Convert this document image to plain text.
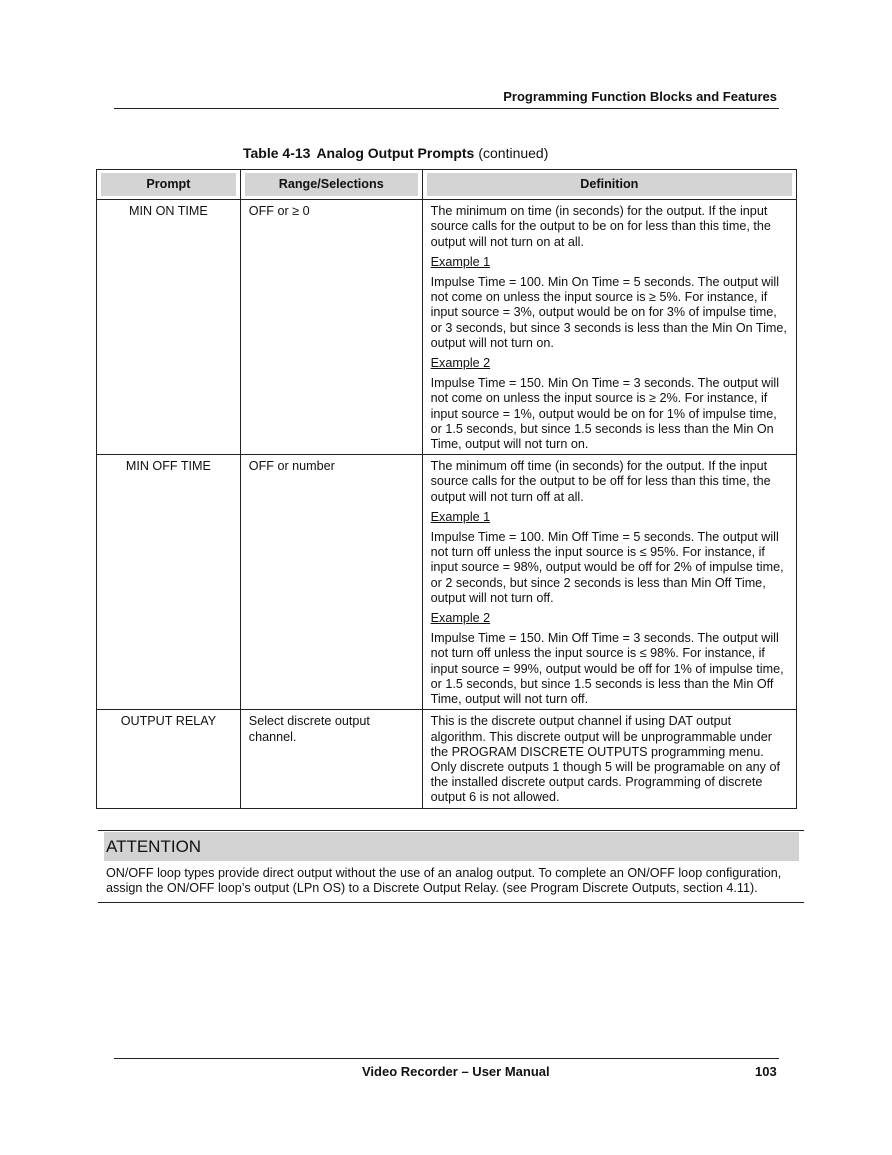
Programming Function Blocks and Features
Table 4-13 Analog Output Prompts (continued)
Prompt	Range/Selections	Definition

MIN ON TIME	OFF or ≥ 0	The minimum on time (in seconds) for the output. If the input source calls for the output to be on for less than this time, the output will not turn on at all.

Example 1

Impulse Time = 100. Min On Time = 5 seconds. The output will not come on unless the input source is ≥ 5%. For instance, if input source = 3%, output would be on for 3% of impulse time, or 3 seconds, but since 3 seconds is less than the Min On Time, output will not turn on.

Example 2

Impulse Time = 150. Min On Time = 3 seconds. The output will not come on unless the input source is ≥ 2%. For instance, if input source = 1%, output would be on for 1% of impulse time, or 1.5 seconds, but since 1.5 seconds is less than the Min On Time, output will not turn on.

MIN OFF TIME	OFF or number	The minimum off time (in seconds) for the output. If the input source calls for the output to be off for less than this time, the output will not turn off at all.

Example 1

Impulse Time = 100. Min Off Time = 5 seconds. The output will not turn off unless the input source is ≤ 95%. For instance, if input source = 98%, output would be off for 2% of impulse time, or 2 seconds, but since 2 seconds is less than Min Off Time, output will not turn off.

Example 2

Impulse Time = 150. Min Off Time = 3 seconds. The output will not turn off unless the input source is ≤ 98%. For instance, if input source = 99%, output would be off for 1% of impulse time, or 1.5 seconds, but since 1.5 seconds is less than the Min Off Time, output will not turn off.

OUTPUT RELAY	Select discrete output channel.	This is the discrete output channel if using DAT output algorithm. This discrete output will be unprogrammable under the PROGRAM DISCRETE OUTPUTS programming menu. Only discrete outputs 1 though 5 will be programable on any of the installed discrete output cards. Programming of discrete output 6 is not allowed.

ATTENTION
ON/OFF loop types provide direct output without the use of an analog output. To complete an ON/OFF loop configuration, assign the ON/OFF loop’s output (LPn OS) to a Discrete Output Relay. (see Program Discrete Outputs, section 4.11).
Video Recorder – User Manual	103
